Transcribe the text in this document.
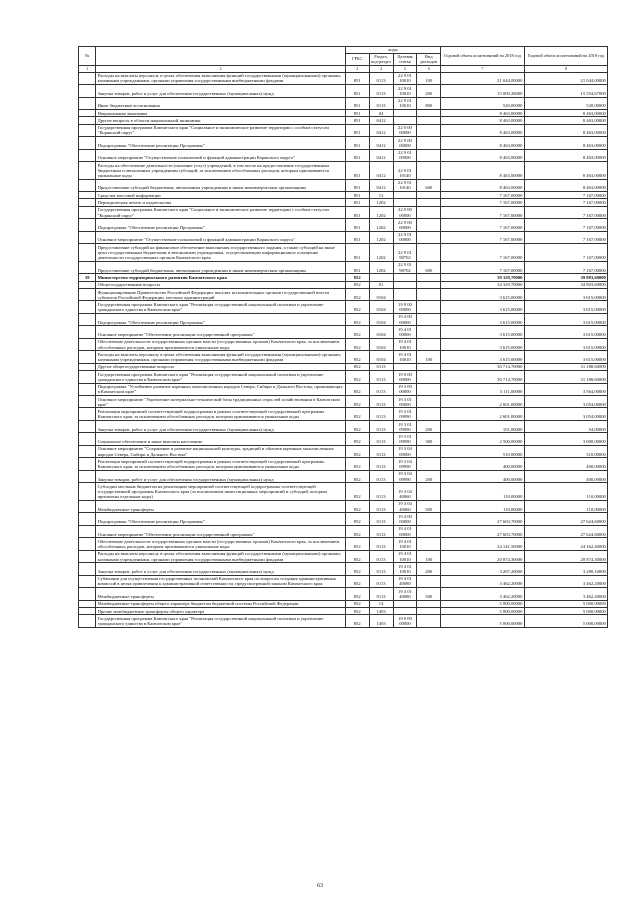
№		коды				Годовой объем ассигнований на 2018 год	Годовой объем ассигнований на 2019 год
		ГРБС	Раздел, под-раздел	Целевая статья	Вид расходов		
1	2	3	4	5	6	7	8
	Расходы на выплаты персоналу в целях обеспечения выполнения функций государственными (муниципальными) органами, казенными учреждениями, органами управления государственными внебюджетными фондами	851	0113	22 9 01 10010	100	21 044,00000	21 044,00000
	Закупка товаров, работ и услуг для обеспечения государственных (муниципальных) нужд	851	0113	22 9 01 10010	200	15 000,28000	15 554,67000
	Иные бюджетные ассигнования	851	0113	22 9 01 10010	800	520,00000	520,00000
	Национальная экономика	851	04			8 463,00000	8 463,00000
	Другие вопросы в области национальной экономики	851	0412			8 463,00000	8 463,00000
	Государственная программа Камчатского края "Социальное и экономическое развитие территории с особым статусом "Корякский округ"	851	0412	22 0 00 00000		8 463,00000	8 463,00000
	Подпрограмма "Обеспечение реализации Программы"	851	0412	22 9 00 00000		8 463,00000	8 463,00000
	Основное мероприятие "Осуществление полномочий и функций администрации Корякского округа"	851	0412	22 9 01 00000		8 463,00000	8 463,00000
	Расходы на обеспечение деятельности (оказание услуг) учреждений, в том числе на предоставление государственным бюджетным и автономным учреждениям субсидий, за исключением обособленных расходов, которым присваиваются уникальные коды	851	0412	22 9 01 10140		8 463,00000	8 463,00000
	Предоставление субсидий бюджетным, автономным учреждениям и иным некоммерческим организациям	851	0412	22 9 01 10140	600	8 463,00000	8 463,00000
	Средства массовой информации	851	12			7 167,00000	7 167,00000
	Периодическая печать и издательства	851	1202			7 167,00000	7 167,00000
	Государственная программа Камчатского края "Социальное и экономическое развитие территории с особым статусом "Корякский округ"	851	1202	22 0 00 00000		7 167,00000	7 167,00000
	Подпрограмма "Обеспечение реализации Программы"	851	1202	22 9 00 00000		7 167,00000	7 167,00000
	Основное мероприятие "Осуществление полномочий и функций администрации Корякского округа"	851	1202	22 9 01 00000		7 167,00000	7 167,00000
	Предоставление субсидий на финансовое обеспечение выполнения государственного задания, а также субсидий на иные цели государственным бюджетным и автономным учреждениям, осуществляющим информационное освещение деятельности государственных органов Камчатского края	851	1202	22 9 01 98702		7 167,00000	7 167,00000
	Предоставление субсидий бюджетным, автономным учреждениям и иным некоммерческим организациям	851	1202	22 9 01 98702	600	7 167,00000	7 167,00000
39	Министерство территориального развития Камчатского края	852				39 329,70000	39 883,60000
	Общегосударственные вопросы	852	01			34 329,70000	34 803,60000
	Функционирование Правительства Российской Федерации, высших исполнительных органов государственной власти субъектов Российской Федерации, местных администраций	852	0104			3 615,00000	3 615,00000
	Государственная программа Камчатского края "Реализация государственной национальной политики и укрепление гражданского единства в Камчатском крае"	852	0104	19 0 00 00000		3 615,00000	3 615,00000
	Подпрограмма "Обеспечение реализации Программы"	852	0104	19 4 00 00000		3 615,00000	3 615,00000
	Основное мероприятие "Обеспечение реализации государственной программы"	852	0104	19 4 01 00000		3 615,00000	3 615,00000
	Обеспечение деятельности государственных органов власти (государственных органов) Камчатского края, за исключением обособленных расходов, которым присваиваются уникальные коды	852	0104	19 4 01 10010		3 615,00000	3 615,00000
	Расходы на выплаты персоналу в целях обеспечения выполнения функций государственными (муниципальными) органами, казенными учреждениями, органами управления государственными внебюджетными фондами	852	0104	19 4 01 10010	100	3 615,00000	3 615,00000
	Другие общегосударственные вопросы	852	0113			30 714,70000	31 188,60000
	Государственная программа Камчатского края "Реализация государственной национальной политики и укрепление гражданского единства в Камчатском крае"	852	0113	19 0 00 00000		30 714,70000	31 188,60000
	Подпрограмма "Устойчивое развитие коренных малочисленных народов Севера, Сибири и Дальнего Востока, проживающих в Камчатском крае"	852	0113	19 3 00 00000		3 111,00000	3 564,00000
	Основное мероприятие "Укрепление материально-технической базы традиционных отраслей хозяйствования в Камчатском крае"	852	0113	19 3 01 00000		2 601,00000	3 054,00000
	Реализация мероприятий соответствующей подпрограммы в рамках соответствующей государственной программы Камчатского края, за исключением обособленных расходов, которым присваиваются уникальные коды	852	0113	19 3 01 09990		2 601,00000	3 054,00000
	Закупка товаров, работ и услуг для обеспечения государственных (муниципальных) нужд	852	0113	19 3 01 09990	200	101,00000	54,00000
	Социальное обеспечение и иные выплаты населению	852	0113	19 3 01 09990	300	2 500,00000	3 000,00000
	Основное мероприятие "Сохранение и развитие национальной культуры, традиций и обычаев коренных малочисленных народов Севера, Сибири и Дальнего Востока"	852	0113	19 3 04 00000		510,00000	510,00000
	Реализация мероприятий соответствующей подпрограммы в рамках соответствующей государственной программы Камчатского края, за исключением обособленных расходов, которым присваиваются уникальные коды	852	0113	19 3 04 09990		400,00000	400,00000
	Закупка товаров, работ и услуг для обеспечения государственных (муниципальных) нужд	852	0113	19 3 04 09990	200	400,00000	400,00000
	Субсидии местным бюджетам на реализацию мероприятий соответствующей подпрограммы соответствующей государственной программы Камчатского края (за исключением инвестиционных мероприятий и субсидий, которым присвоены отдельные коды)	852	0113	19 3 04 40060		110,00000	110,00000
	Межбюджетные трансферты	852	0113	19 3 04 40060	500	110,00000	110,00000
	Подпрограмма "Обеспечение реализации Программы"	852	0113	19 4 00 00000		27 603,70000	27 624,60000
	Основное мероприятие "Обеспечение реализации государственной программы"	852	0113	19 4 01 00000		27 603,70000	27 624,60000
	Обеспечение деятельности государственных органов власти (государственных органов) Камчатского края, за исключением обособленных расходов, которым присваиваются уникальные коды	852	0113	19 4 01 10010		24 141,50000	24 162,40000
	Расходы на выплаты персоналу в целях обеспечения выполнения функций государственными (муниципальными) органами, казенными учреждениями, органами управления государственными внебюджетными фондами	852	0113	19 4 01 10010	100	20 874,30000	20 874,30000
	Закупка товаров, работ и услуг для обеспечения государственных (муниципальных) нужд	852	0113	19 4 01 10010	200	3 267,20000	3 288,10000
	Субвенции для осуществления государственных полномочий Камчатского края по вопросам создания административных комиссий в целях привлечения к административной ответственности, предусмотренной законом Камчатского края	852	0113	19 4 01 40080		3 462,20000	3 462,20000
	Межбюджетные трансферты	852	0113	19 4 01 40080	500	3 462,20000	3 462,20000
	Межбюджетные трансферты общего характера бюджетам бюджетной системы Российской Федерации	852	14			5 000,00000	5 000,00000
	Прочие межбюджетные трансферты общего характера	852	1403			5 000,00000	5 000,00000
	Государственная программа Камчатского края "Реализация государственной национальной политики и укрепление гражданского единства в Камчатском крае"	852	1403	19 0 00 00000		5 000,00000	5 000,00000
63
